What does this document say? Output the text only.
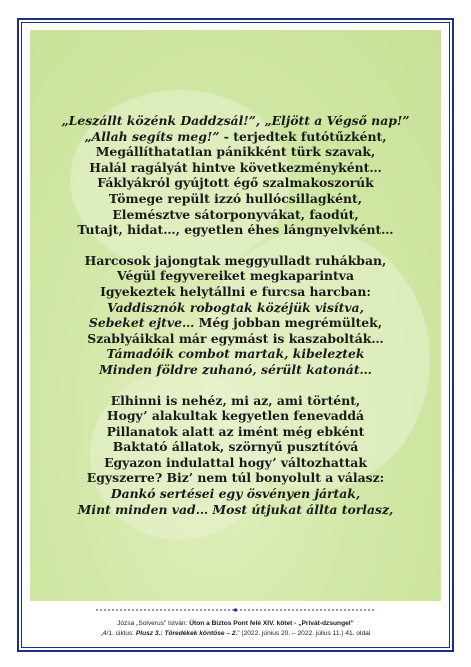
„Leszállt közénk Daddzsál!”, „Eljött a Végső nap!”
„Allah segíts meg!” - terjedtek futótűzként,
Megállíthatatlan pánikként türk szavak,
Halál ragályát hintve következményként…
Fáklyákról gyújtott égő szalmakoszorúk
Tömege repült izzó hullócsillagként,
Elemésztve sátorponyvákat, faodút,
Tutajt, hidat…, egyetlen éhes lángnyelvként…
Harcosok jajongtak meggyulladt ruhákban,
Végül fegyvereiket megkaparintva
Igyekeztek helytállni e furcsa harcban:
Vaddisznók robogtak közéjük visítva,
Sebeket ejtve… Még jobban megrémültek,
Szablyáikkal már egymást is kaszabolták…
Támadóik combot martak, kibeleztek
Minden földre zuhanó, sérült katonát…
Elhinni is nehéz, mi az, ami történt,
Hogy’ alakultak kegyetlen fenevaddá
Pillanatok alatt az imént még ebként
Baktató állatok, szörnyű pusztítóvá
Egyazon indulattal hogy’ változhattak
Egyszerre? Biz’ nem túl bonyolult a válasz:
Dankó sertései egy ösvényen jártak,
Mint minden vad… Most útjukat állta torlasz,
Józsa „Solverus” István: Úton a Biztos Pont felé XIV. kötet - „Privát-dzsungel”
„4/1. ciklus: Plusz 3.: Töredékek köntöse – 2.” (2022. június 20. – 2022. július 11.) 41. oldal
